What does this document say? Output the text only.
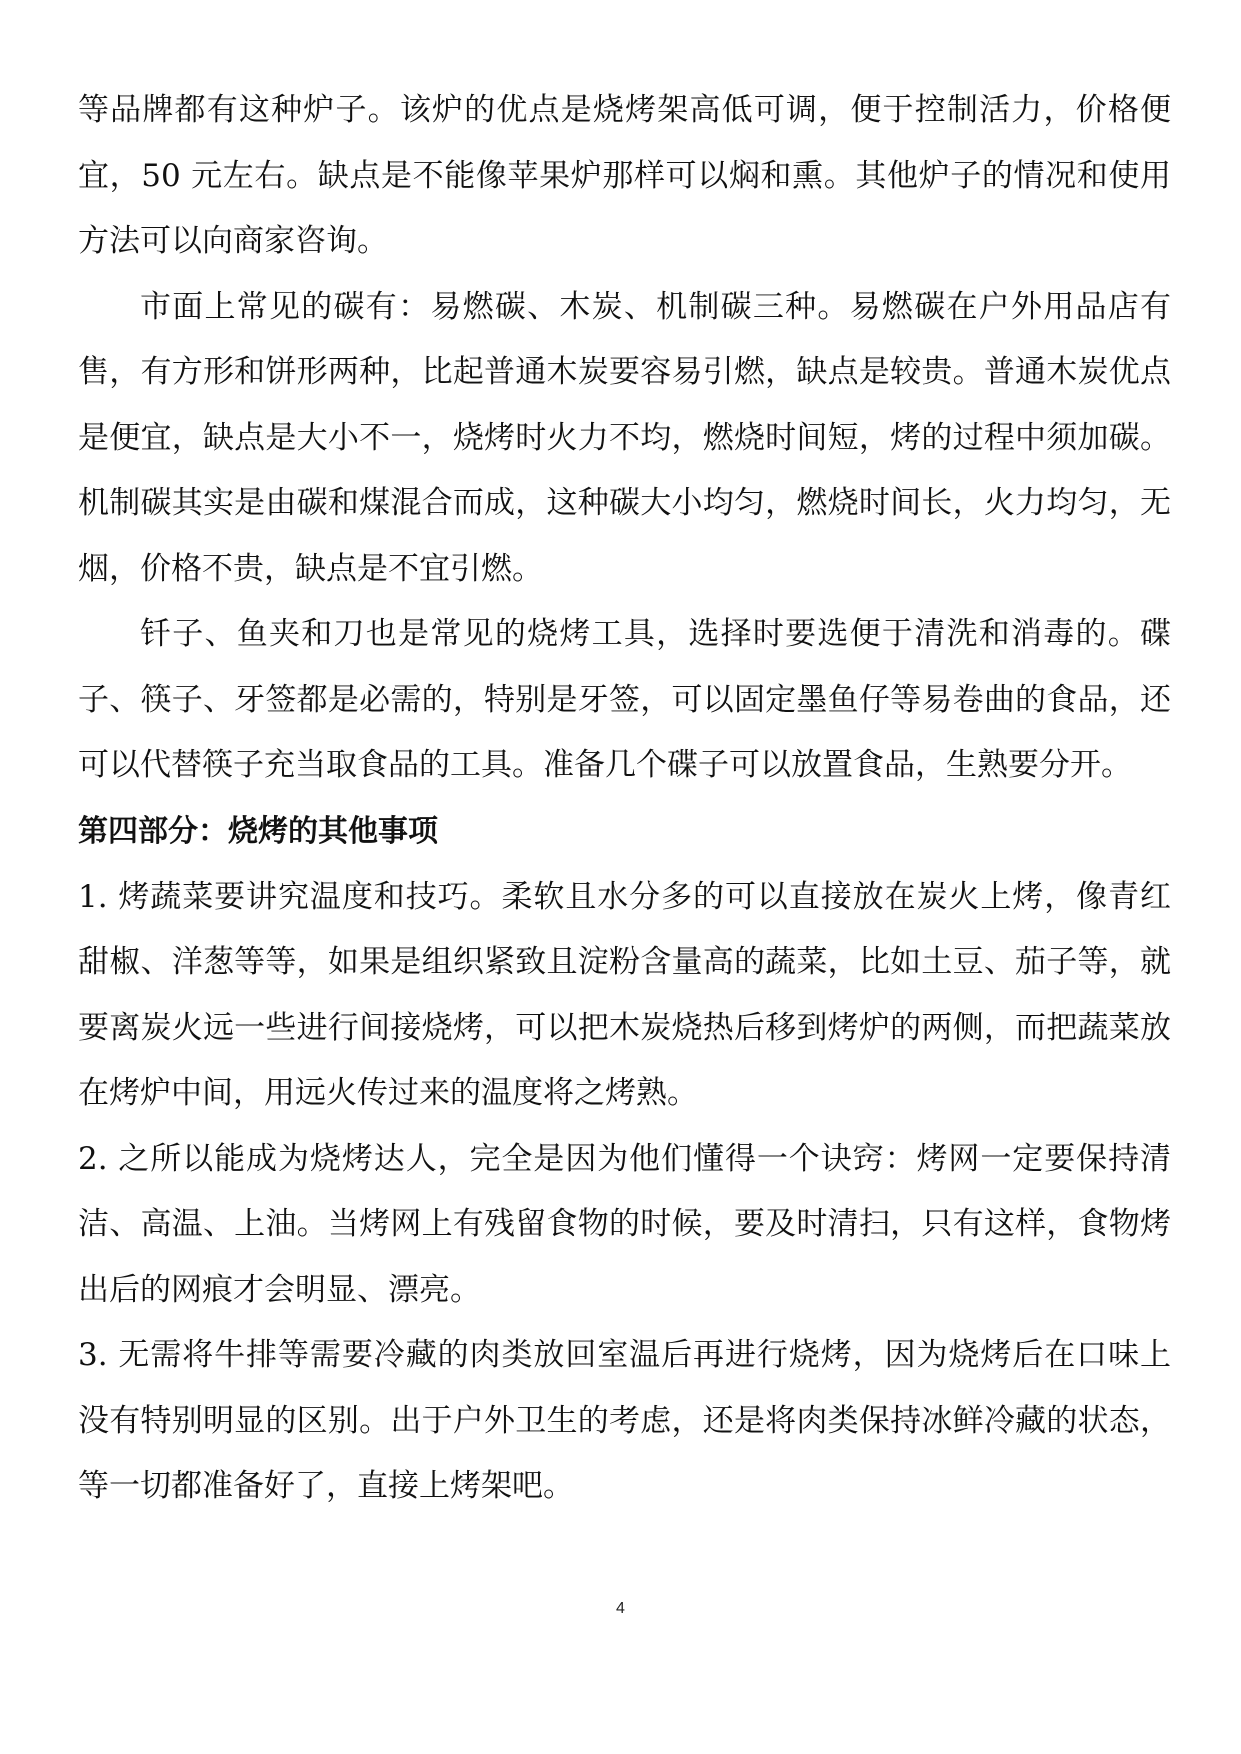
等品牌都有这种炉子。该炉的优点是烧烤架高低可调，便于控制活力，价格便宜，50 元左右。缺点是不能像苹果炉那样可以焖和熏。其他炉子的情况和使用方法可以向商家咨询。

市面上常见的碳有：易燃碳、木炭、机制碳三种。易燃碳在户外用品店有售，有方形和饼形两种，比起普通木炭要容易引燃，缺点是较贵。普通木炭优点是便宜，缺点是大小不一，烧烤时火力不均，燃烧时间短，烤的过程中须加碳。机制碳其实是由碳和煤混合而成，这种碳大小均匀，燃烧时间长，火力均匀，无烟，价格不贵，缺点是不宜引燃。

钎子、鱼夹和刀也是常见的烧烤工具，选择时要选便于清洗和消毒的。碟子、筷子、牙签都是必需的，特别是牙签，可以固定墨鱼仔等易卷曲的食品，还可以代替筷子充当取食品的工具。准备几个碟子可以放置食品，生熟要分开。

第四部分：烧烤的其他事项

1. 烤蔬菜要讲究温度和技巧。柔软且水分多的可以直接放在炭火上烤，像青红甜椒、洋葱等等，如果是组织紧致且淀粉含量高的蔬菜，比如土豆、茄子等，就要离炭火远一些进行间接烧烤，可以把木炭烧热后移到烤炉的两侧，而把蔬菜放在烤炉中间，用远火传过来的温度将之烤熟。

2. 之所以能成为烧烤达人，完全是因为他们懂得一个诀窍：烤网一定要保持清洁、高温、上油。当烤网上有残留食物的时候，要及时清扫，只有这样，食物烤出后的网痕才会明显、漂亮。

3. 无需将牛排等需要冷藏的肉类放回室温后再进行烧烤，因为烧烤后在口味上没有特别明显的区别。出于户外卫生的考虑，还是将肉类保持冰鲜冷藏的状态，等一切都准备好了，直接上烤架吧。

4
